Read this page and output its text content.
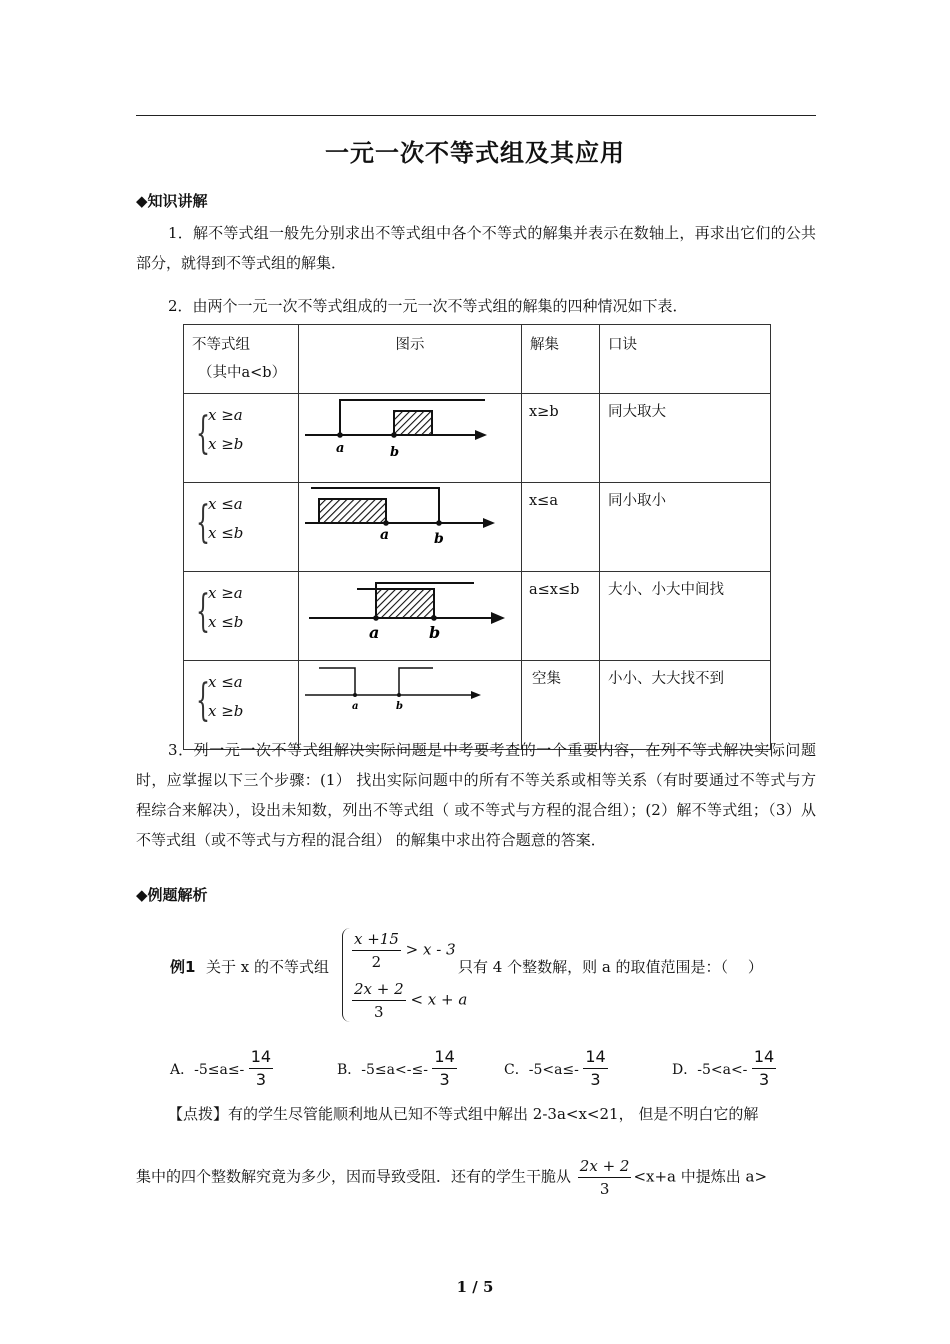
一元一次不等式组及其应用
◆知识讲解
1．解不等式组一般先分别求出不等式组中各个不等式的解集并表示在数轴上，再求出它们的公共部分，就得到不等式组的解集．
2．由两个一元一次不等式组成的一元一次不等式组的解集的四种情况如下表．
不等式组
（其中a<b）	图示	解集	口诀

{
x ≥a
x ≥b	a b	x≥b	同大取大

{
x ≤a
x ≤b	a b	x≤a	同小取小

{
x ≥a
x ≤b	a b	a≤x≤b	大小、小大中间找

{
x ≤a
x ≥b	a b	空集	小小、大大找不到
3．列一元一次不等式组解决实际问题是中考要考查的一个重要内容，在列不等式解决实际问题时，应掌握以下三个步骤：(1） 找出实际问题中的所有不等关系或相等关系（有时要通过不等式与方程综合来解决），设出未知数，列出不等式组（ 或不等式与方程的混合组）；(2）解不等式组；（3）从不等式组（或不等式与方程的混合组） 的解集中求出符合题意的答案．
◆例题解析
例1 关于 x 的不等式组 $\frac{x +15}{2} > x - 3$
$\frac{2x + 2}{3} < x + a$
只有 4 个整数解，则 a 的取值范围是：（　 ）
A．$-5\le a\le- \frac{14}{3}$	B．$-5\le a<-\le- \frac{14}{3}$	C．$-5<a\le- \frac{14}{3}$	D．$-5<a<- \frac{14}{3}$
【点拨】有的学生尽管能顺利地从已知不等式组中解出 2-3a<x<21， 但是不明白它的解
集中的四个整数解究竟为多少，因而导致受阻．还有的学生干脆从 $\frac{2x + 2}{3} <x+a$ 中提炼出 a>
1 / 5
